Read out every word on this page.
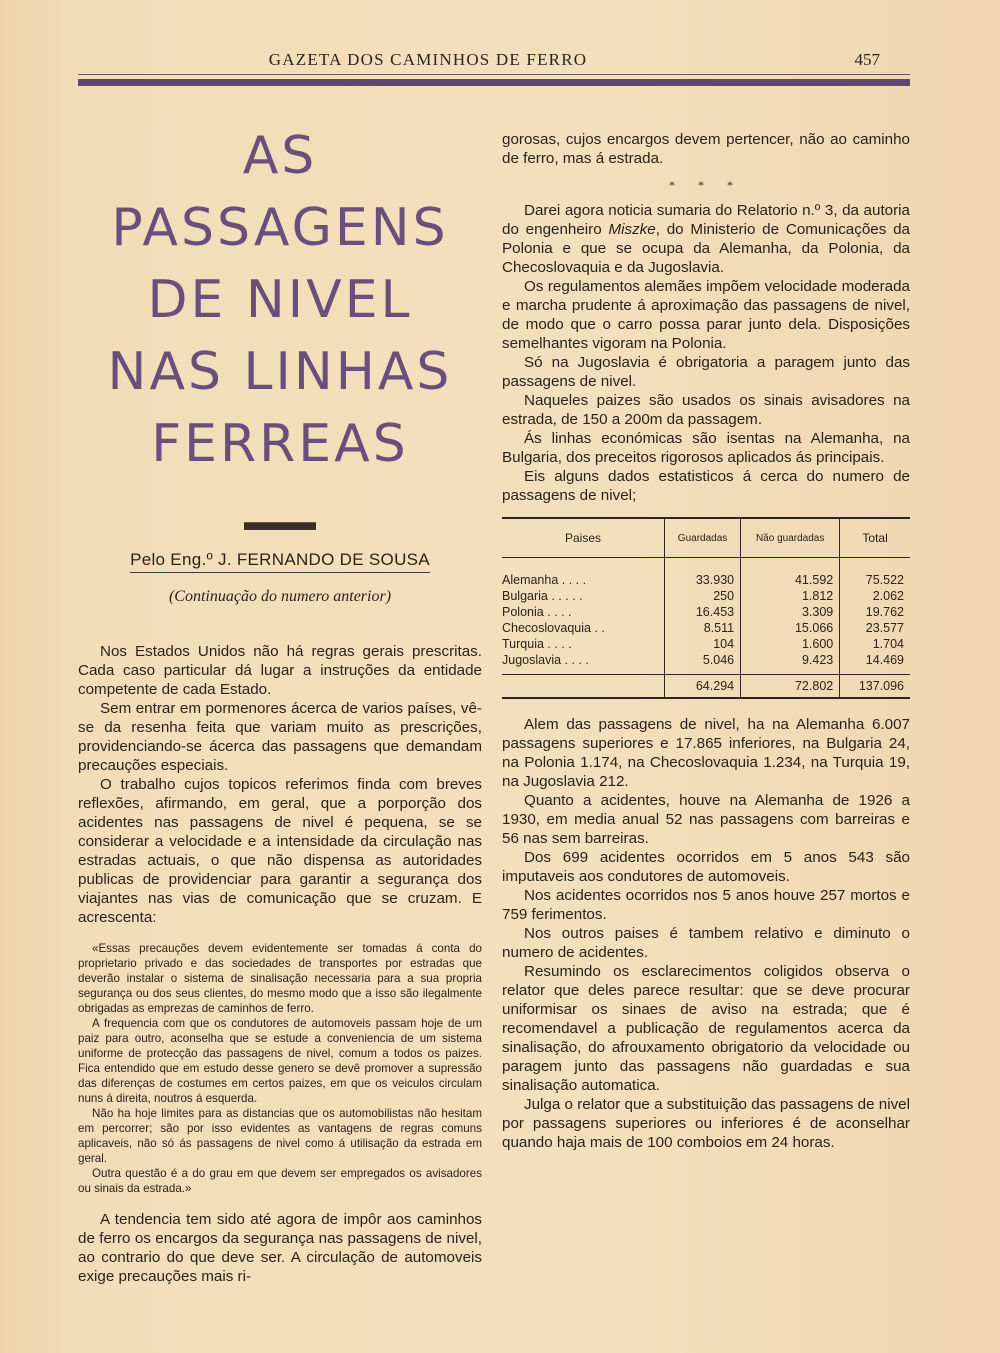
GAZETA DOS CAMINHOS DE FERRO	457
AS PASSAGENS
DE NIVEL
NAS LINHAS
FERREAS
Pelo Eng.º J. FERNANDO DE SOUSA
(Continuação do numero anterior)

Nos Estados Unidos não há regras gerais prescritas. Cada caso particular dá lugar a instruções da entidade competente de cada Estado.

Sem entrar em pormenores ácerca de varios países, vê-se da resenha feita que variam muito as prescrições, providenciando-se ácerca das passagens que demandam precauções especiais.

O trabalho cujos topicos referimos finda com breves reflexões, afirmando, em geral, que a porporção dos acidentes nas passagens de nivel é pequena, se se considerar a velocidade e a intensidade da circulação nas estradas actuais, o que não dispensa as autoridades publicas de providenciar para garantir a segurança dos viajantes nas vias de comunicação que se cruzam. E acrescenta:

«Essas precauções devem evidentemente ser tomadas á conta do proprietario privado e das sociedades de transportes por estradas que deverão instalar o sistema de sinalisação necessaria para a sua propria segurança ou dos seus clientes, do mesmo modo que a isso são ilegalmente obrigadas as emprezas de caminhos de ferro.

A frequencia com que os condutores de automoveis passam hoje de um paiz para outro, aconselha que se estude a conveniencia de um sistema uniforme de protecção das passagens de nivel, comum a todos os paizes. Fica entendido que em estudo desse genero se devê promover a supressão das diferenças de costumes em certos paizes, em que os veiculos circulam nuns á direita, noutros á esquerda.

Não ha hoje limites para as distancias que os automobilistas não hesitam em percorrer; são por isso evidentes as vantagens de regras comuns aplicaveis, não só ás passagens de nivel como á utilisação da estrada em geral.

Outra questão é a do grau em que devem ser empregados os avisadores ou sinais da estrada.»

A tendencia tem sido até agora de impôr aos caminhos de ferro os encargos da segurança nas passagens de nivel, ao contrario do que deve ser. A circulação de automoveis exige precauções mais ri-

gorosas, cujos encargos devem pertencer, não ao caminho de ferro, mas á estrada.

* * *

Darei agora noticia sumaria do Relatorio n.º 3, da autoria do engenheiro Miszke, do Ministerio de Comunicações da Polonia e que se ocupa da Alemanha, da Polonia, da Checoslovaquia e da Jugoslavia.

Os regulamentos alemães impõem velocidade moderada e marcha prudente á aproximação das passagens de nivel, de modo que o carro possa parar junto dela. Disposições semelhantes vigoram na Polonia.

Só na Jugoslavia é obrigatoria a paragem junto das passagens de nivel.

Naqueles paizes são usados os sinais avisadores na estrada, de 150 a 200m da passagem.

Ás linhas económicas são isentas na Alemanha, na Bulgaria, dos preceitos rigorosos aplicados ás principais.

Eis alguns dados estatisticos á cerca do numero de passagens de nivel;

Paises	Guardadas	Não guardadas	Total
Alemanha . . . .	33.930	41.592	75.522
Bulgaria . . . . .	250	1.812	2.062
Polonia . . . .	16.453	3.309	19.762
Checoslovaquia . .	8.511	15.066	23.577
Turquia . . . .	104	1.600	1.704
Jugoslavia . . . .	5.046	9.423	14.469
	64.294	72.802	137.096

Alem das passagens de nivel, ha na Alemanha 6.007 passagens superiores e 17.865 inferiores, na Bulgaria 24, na Polonia 1.174, na Checoslovaquia 1.234, na Turquia 19, na Jugoslavia 212.

Quanto a acidentes, houve na Alemanha de 1926 a 1930, em media anual 52 nas passagens com barreiras e 56 nas sem barreiras.

Dos 699 acidentes ocorridos em 5 anos 543 são imputaveis aos condutores de automoveis.

Nos acidentes ocorridos nos 5 anos houve 257 mortos e 759 ferimentos.

Nos outros paises é tambem relativo e diminuto o numero de acidentes.

Resumindo os esclarecimentos coligidos observa o relator que deles parece resultar: que se deve procurar uniformisar os sinaes de aviso na estrada; que é recomendavel a publicação de regulamentos acerca da sinalisação, do afrouxamento obrigatorio da velocidade ou paragem junto das passagens não guardadas e sua sinalisação automatica.

Julga o relator que a substituição das passagens de nivel por passagens superiores ou inferiores é de aconselhar quando haja mais de 100 comboios em 24 horas.
